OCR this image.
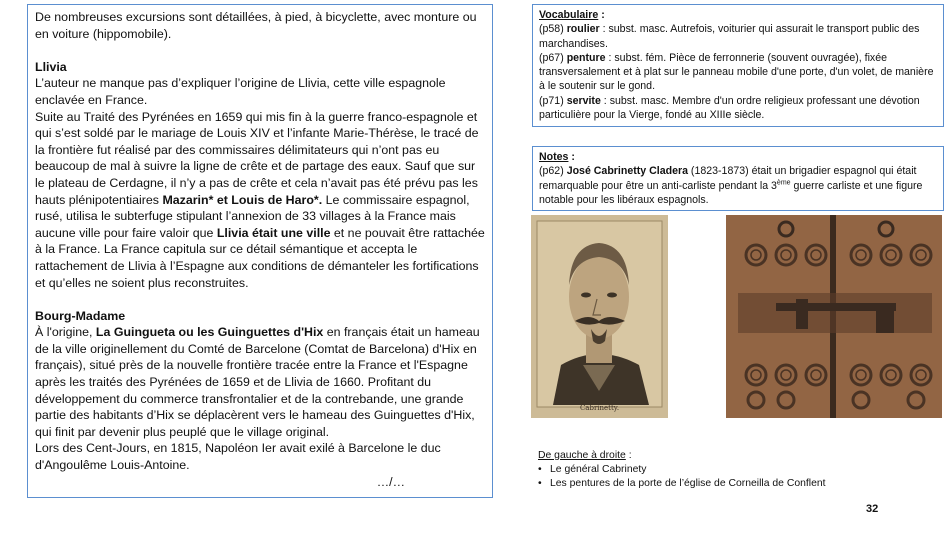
De nombreuses excursions sont détaillées, à pied, à bicyclette, avec monture ou en voiture (hippomobile).

Llivia

L’auteur ne manque pas d’expliquer l’origine de Llivia, cette ville espagnole enclavée en France.

Suite au Traité des Pyrénées en 1659 qui mis fin à la guerre franco-espagnole et qui s’est soldé par le mariage de Louis XIV et l’infante Marie-Thérèse, le tracé de la frontière fut réalisé par des commissaires délimitateurs qui n’ont pas eu beaucoup de mal à suivre la ligne de crête et de partage des eaux. Sauf que sur le plateau de Cerdagne, il n’y a pas de crête et cela n’avait pas été prévu pas les hauts plénipotentiaires Mazarin* et Louis de Haro*. Le commissaire espagnol, rusé, utilisa le subterfuge stipulant l’annexion de 33 villages à la France mais aucune ville pour faire valoir que Llivia était une ville et ne pouvait être rattachée à la France. La France capitula sur ce détail sémantique et accepta le rattachement de Llivia à l’Espagne aux conditions de démanteler les fortifications et qu’elles ne soient plus reconstruites.

Bourg-Madame

À l'origine, La Guingueta ou les Guinguettes d'Hix en français était un hameau de la ville originellement du Comté de Barcelone (Comtat de Barcelona) d'Hix en français), situé près de la nouvelle frontière tracée entre la France et l'Espagne après les traités des Pyrénées de 1659 et de Llivia de 1660. Profitant du développement du commerce transfrontalier et de la contrebande, une grande partie des habitants d’Hix se déplacèrent vers le hameau des Guinguettes d'Hix, qui finit par devenir plus peuplé que le village original.

Lors des Cent-Jours, en 1815, Napoléon Ier avait exilé à Barcelone le duc d'Angoulême Louis-Antoine.

…/…

Vocabulaire :
(p58) roulier : subst. masc. Autrefois, voiturier qui assurait le transport public des marchandises.
(p67) penture : subst. fém. Pièce de ferronnerie (souvent ouvragée), fixée transversalement et à plat sur le panneau mobile d'une porte, d'un volet, de manière à le soutenir sur le gond.
(p71) servite : subst. masc. Membre d'un ordre religieux professant une dévotion particulière pour la Vierge, fondé au XIIIe siècle.
Notes :
(p62) José Cabrinetty Cladera (1823-1873) était un brigadier espagnol qui était remarquable pour être un anti-carliste pendant la 3ème guerre carliste et une figure notable pour les libéraux espagnols.
Cabrinetty.
De gauche à droite :
• Le général Cabrinety
• Les pentures de la porte de l’église de Corneilla de Conflent
32
